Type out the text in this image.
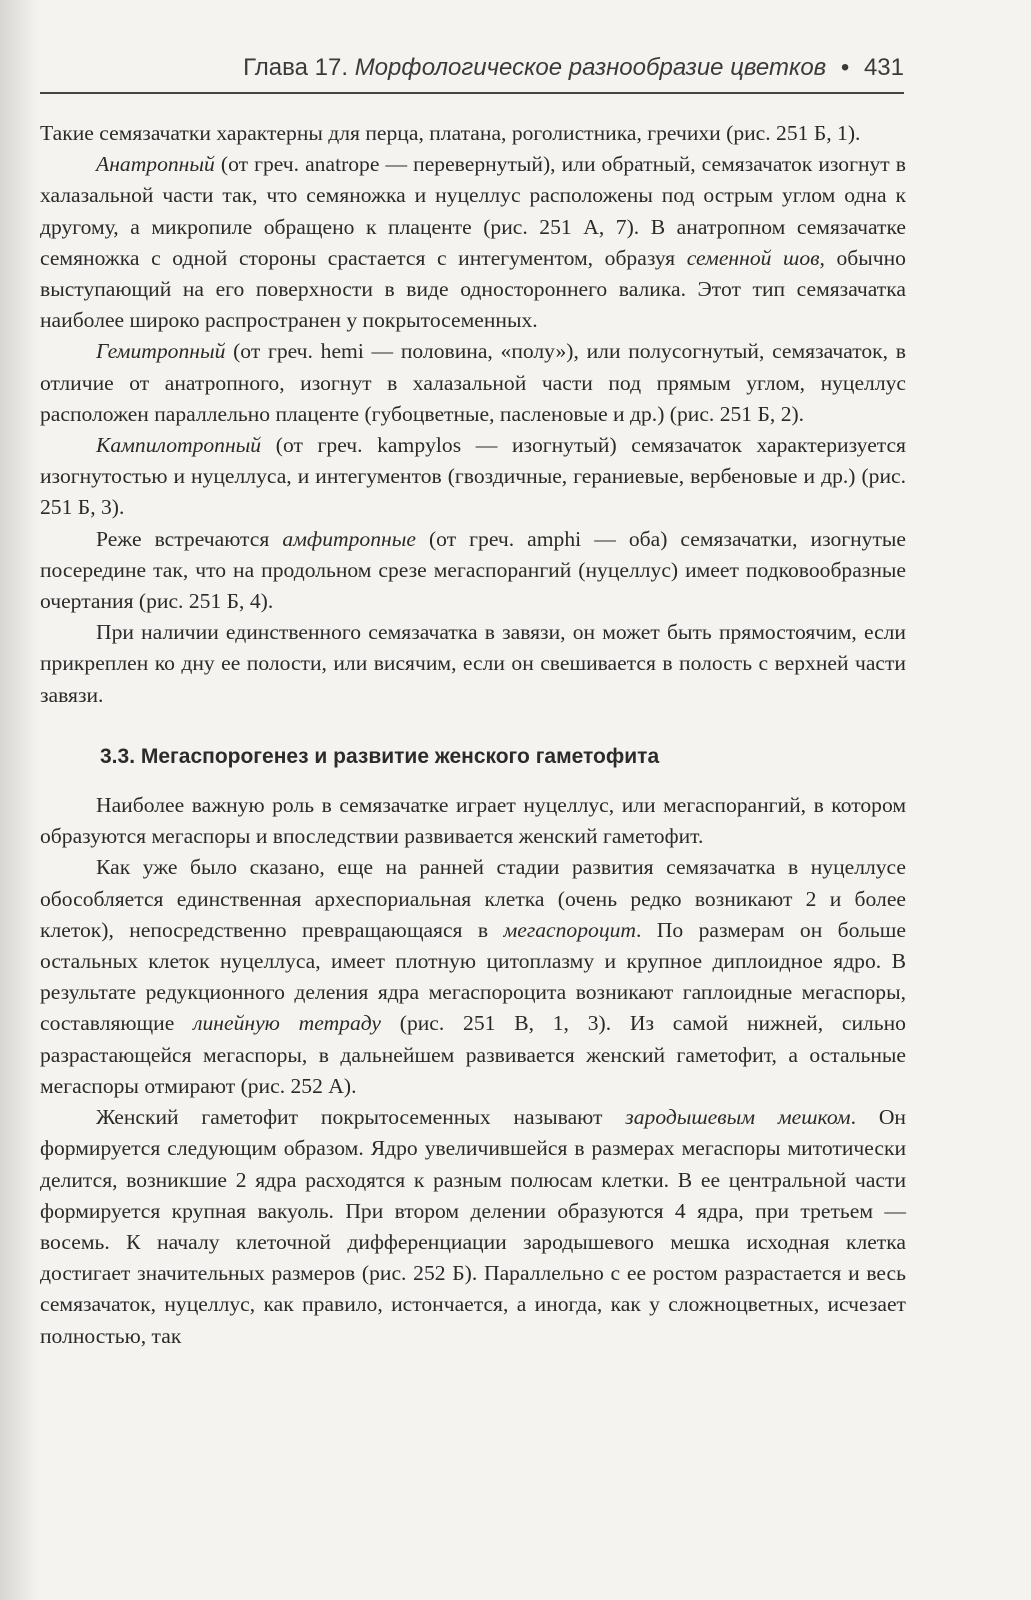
Глава 17. Морфологическое разнообразие цветков • 431

Такие семязачатки характерны для перца, платана, роголистника, гречихи (рис. 251 Б, 1).

Анатропный (от греч. anatrope — перевернутый), или обратный, семязачаток изогнут в халазальной части так, что семяножка и нуцеллус расположены под острым углом одна к другому, а микропиле обращено к плаценте (рис. 251 А, 7). В анатропном семязачатке семяножка с одной стороны срастается с интегументом, образуя семенной шов, обычно выступающий на его поверхности в виде одностороннего валика. Этот тип семязачатка наиболее широко распространен у покрытосеменных.

Гемитропный (от греч. hemi — половина, «полу»), или полусогнутый, семязачаток, в отличие от анатропного, изогнут в халазальной части под прямым углом, нуцеллус расположен параллельно плаценте (губоцветные, пасленовые и др.) (рис. 251 Б, 2).

Кампилотропный (от греч. kampylos — изогнутый) семязачаток характеризуется изогнутостью и нуцеллуса, и интегументов (гвоздичные, гераниевые, вербеновые и др.) (рис. 251 Б, 3).

Реже встречаются амфитропные (от греч. amphi — оба) семязачатки, изогнутые посередине так, что на продольном срезе мегаспорангий (нуцеллус) имеет подковообразные очертания (рис. 251 Б, 4).

При наличии единственного семязачатка в завязи, он может быть прямостоячим, если прикреплен ко дну ее полости, или висячим, если он свешивается в полость с верхней части завязи.

3.3. Мегаспорогенез и развитие женского гаметофита

Наиболее важную роль в семязачатке играет нуцеллус, или мегаспорангий, в котором образуются мегаспоры и впоследствии развивается женский гаметофит.

Как уже было сказано, еще на ранней стадии развития семязачатка в нуцеллусе обособляется единственная археспориальная клетка (очень редко возникают 2 и более клеток), непосредственно превращающаяся в мегаспороцит. По размерам он больше остальных клеток нуцеллуса, имеет плотную цитоплазму и крупное диплоидное ядро. В результате редукционного деления ядра мегаспороцита возникают гаплоидные мегаспоры, составляющие линейную тетраду (рис. 251 В, 1, 3). Из самой нижней, сильно разрастающейся мегаспоры, в дальнейшем развивается женский гаметофит, а остальные мегаспоры отмирают (рис. 252 А).

Женский гаметофит покрытосеменных называют зародышевым мешком. Он формируется следующим образом. Ядро увеличившейся в размерах мегаспоры митотически делится, возникшие 2 ядра расходятся к разным полюсам клетки. В ее центральной части формируется крупная вакуоль. При втором делении образуются 4 ядра, при третьем — восемь. К началу клеточной дифференциации зародышевого мешка исходная клетка достигает значительных размеров (рис. 252 Б). Параллельно с ее ростом разрастается и весь семязачаток, нуцеллус, как правило, истончается, а иногда, как у сложноцветных, исчезает полностью, так
